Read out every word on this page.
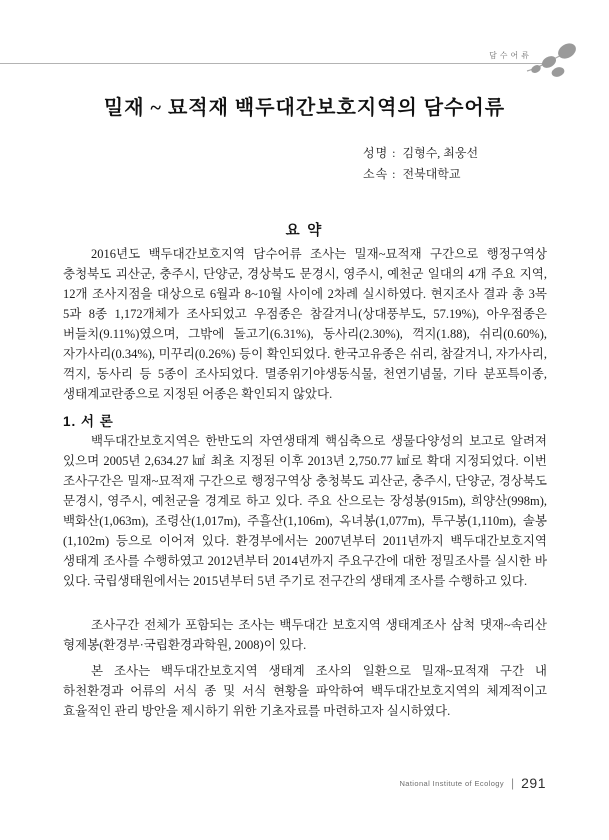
담수어류
밀재 ~ 묘적재 백두대간보호지역의 담수어류
성명 : 김형수, 최웅선
소속 : 전북대학교
요 약
2016년도 백두대간보호지역 담수어류 조사는 밀재~묘적재 구간으로 행정구역상 충청북도 괴산군, 충주시, 단양군, 경상북도 문경시, 영주시, 예천군 일대의 4개 주요 지역, 12개 조사지점을 대상으로 6월과 8~10월 사이에 2차례 실시하였다. 현지조사 결과 총 3목 5과 8종 1,172개체가 조사되었고 우점종은 참갈겨니(상대풍부도, 57.19%), 아우점종은 버들치(9.11%)였으며, 그밖에 돌고기(6.31%), 동사리(2.30%), 꺽지(1.88), 쉬리(0.60%), 자가사리(0.34%), 미꾸리(0.26%) 등이 확인되었다. 한국고유종은 쉬리, 참갈겨니, 자가사리, 꺽지, 동사리 등 5종이 조사되었다. 멸종위기야생동식물, 천연기념물, 기타 분포특이종, 생태계교란종으로 지정된 어종은 확인되지 않았다.
1. 서 론
백두대간보호지역은 한반도의 자연생태계 핵심축으로 생물다양성의 보고로 알려져 있으며 2005년 2,634.27 ㎢ 최초 지정된 이후 2013년 2,750.77 ㎢로 확대 지정되었다. 이번 조사구간은 밀재~묘적재 구간으로 행정구역상 충청북도 괴산군, 충주시, 단양군, 경상북도 문경시, 영주시, 예천군을 경계로 하고 있다. 주요 산으로는 장성봉(915m), 희양산(998m), 백화산(1,063m), 조령산(1,017m), 주흘산(1,106m), 옥녀봉(1,077m), 투구봉(1,110m), 솔봉(1,102m) 등으로 이어져 있다. 환경부에서는 2007년부터 2011년까지 백두대간보호지역 생태계 조사를 수행하였고 2012년부터 2014년까지 주요구간에 대한 정밀조사를 실시한 바 있다. 국립생태원에서는 2015년부터 5년 주기로 전구간의 생태계 조사를 수행하고 있다.
조사구간 전체가 포함되는 조사는 백두대간 보호지역 생태계조사 삼척 댓재~속리산 형제봉(환경부·국립환경과학원, 2008)이 있다.
본 조사는 백두대간보호지역 생태계 조사의 일환으로 밀재~묘적재 구간 내 하천환경과 어류의 서식 종 및 서식 현황을 파악하여 백두대간보호지역의 체계적이고 효율적인 관리 방안을 제시하기 위한 기초자료를 마련하고자 실시하였다.
National Institute of Ecology | 291
